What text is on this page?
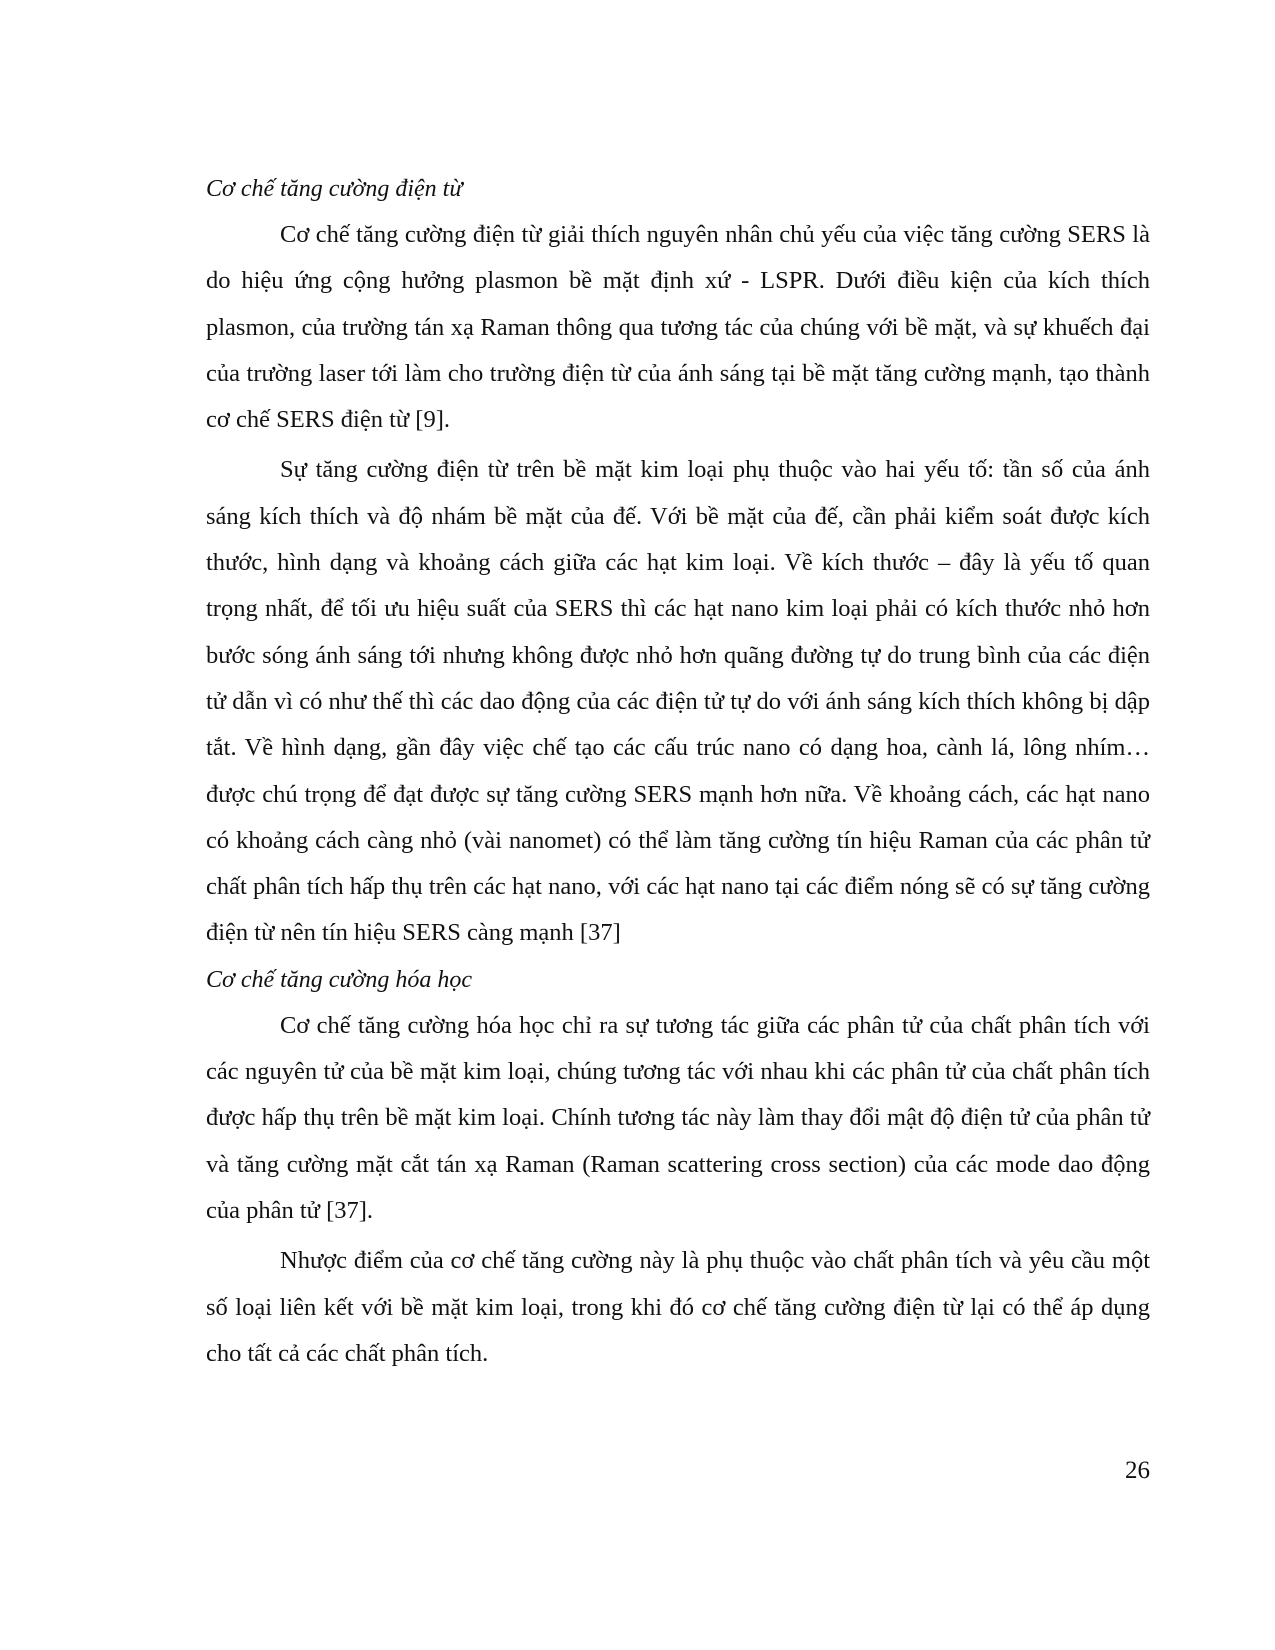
Cơ chế tăng cường điện từ

Cơ chế tăng cường điện từ giải thích nguyên nhân chủ yếu của việc tăng cường SERS là do hiệu ứng cộng hưởng plasmon bề mặt định xứ - LSPR. Dưới điều kiện của kích thích plasmon, của trường tán xạ Raman thông qua tương tác của chúng với bề mặt, và sự khuếch đại của trường laser tới làm cho trường điện từ của ánh sáng tại bề mặt tăng cường mạnh, tạo thành cơ chế SERS điện từ [9].

Sự tăng cường điện từ trên bề mặt kim loại phụ thuộc vào hai yếu tố: tần số của ánh sáng kích thích và độ nhám bề mặt của đế. Với bề mặt của đế, cần phải kiểm soát được kích thước, hình dạng và khoảng cách giữa các hạt kim loại. Về kích thước – đây là yếu tố quan trọng nhất, để tối ưu hiệu suất của SERS thì các hạt nano kim loại phải có kích thước nhỏ hơn bước sóng ánh sáng tới nhưng không được nhỏ hơn quãng đường tự do trung bình của các điện tử dẫn vì có như thế thì các dao động của các điện tử tự do với ánh sáng kích thích không bị dập tắt. Về hình dạng, gần đây việc chế tạo các cấu trúc nano có dạng hoa, cành lá, lông nhím… được chú trọng để đạt được sự tăng cường SERS mạnh hơn nữa. Về khoảng cách, các hạt nano có khoảng cách càng nhỏ (vài nanomet) có thể làm tăng cường tín hiệu Raman của các phân tử chất phân tích hấp thụ trên các hạt nano, với các hạt nano tại các điểm nóng sẽ có sự tăng cường điện từ nên tín hiệu SERS càng mạnh [37]

Cơ chế tăng cường hóa học

Cơ chế tăng cường hóa học chỉ ra sự tương tác giữa các phân tử của chất phân tích với các nguyên tử của bề mặt kim loại, chúng tương tác với nhau khi các phân tử của chất phân tích được hấp thụ trên bề mặt kim loại. Chính tương tác này làm thay đổi mật độ điện tử của phân tử và tăng cường mặt cắt tán xạ Raman (Raman scattering cross section) của các mode dao động của phân tử [37].

Nhược điểm của cơ chế tăng cường này là phụ thuộc vào chất phân tích và yêu cầu một số loại liên kết với bề mặt kim loại, trong khi đó cơ chế tăng cường điện từ lại có thể áp dụng cho tất cả các chất phân tích.

26
